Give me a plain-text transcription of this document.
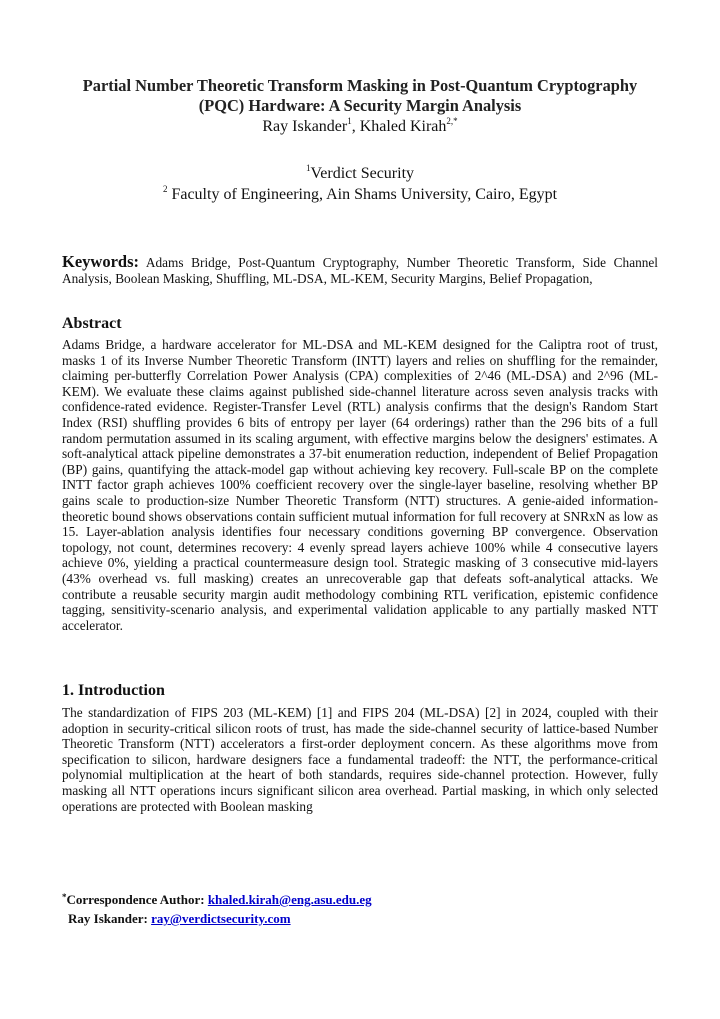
Partial Number Theoretic Transform Masking in Post-Quantum Cryptography (PQC) Hardware: A Security Margin Analysis
Ray Iskander$^1$, Khaled Kirah$^{2,*}$
$^1$Verdict Security
$^2$ Faculty of Engineering, Ain Shams University, Cairo, Egypt
Keywords: Adams Bridge, Post-Quantum Cryptography, Number Theoretic Transform, Side Channel Analysis, Boolean Masking, Shuffling, ML-DSA, ML-KEM, Security Margins, Belief Propagation,
Abstract
Adams Bridge, a hardware accelerator for ML-DSA and ML-KEM designed for the Caliptra root of trust, masks 1 of its Inverse Number Theoretic Transform (INTT) layers and relies on shuffling for the remainder, claiming per-butterfly Correlation Power Analysis (CPA) complexities of 2^46 (ML-DSA) and 2^96 (ML-KEM). We evaluate these claims against published side-channel literature across seven analysis tracks with confidence-rated evidence. Register-Transfer Level (RTL) analysis confirms that the design's Random Start Index (RSI) shuffling provides 6 bits of entropy per layer (64 orderings) rather than the 296 bits of a full random permutation assumed in its scaling argument, with effective margins below the designers' estimates. A soft-analytical attack pipeline demonstrates a 37-bit enumeration reduction, independent of Belief Propagation (BP) gains, quantifying the attack-model gap without achieving key recovery. Full-scale BP on the complete INTT factor graph achieves 100% coefficient recovery over the single-layer baseline, resolving whether BP gains scale to production-size Number Theoretic Transform (NTT) structures. A genie-aided information-theoretic bound shows observations contain sufficient mutual information for full recovery at SNRxN as low as 15. Layer-ablation analysis identifies four necessary conditions governing BP convergence. Observation topology, not count, determines recovery: 4 evenly spread layers achieve 100% while 4 consecutive layers achieve 0%, yielding a practical countermeasure design tool. Strategic masking of 3 consecutive mid-layers (43% overhead vs. full masking) creates an unrecoverable gap that defeats soft-analytical attacks. We contribute a reusable security margin audit methodology combining RTL verification, epistemic confidence tagging, sensitivity-scenario analysis, and experimental validation applicable to any partially masked NTT accelerator.
1. Introduction
The standardization of FIPS 203 (ML-KEM) [1] and FIPS 204 (ML-DSA) [2] in 2024, coupled with their adoption in security-critical silicon roots of trust, has made the side-channel security of lattice-based Number Theoretic Transform (NTT) accelerators a first-order deployment concern. As these algorithms move from specification to silicon, hardware designers face a fundamental tradeoff: the NTT, the performance-critical polynomial multiplication at the heart of both standards, requires side-channel protection. However, fully masking all NTT operations incurs significant silicon area overhead. Partial masking, in which only selected operations are protected with Boolean masking
*Correspondence Author: khaled.kirah@eng.asu.edu.eg
Ray Iskander: ray@verdictsecurity.com
